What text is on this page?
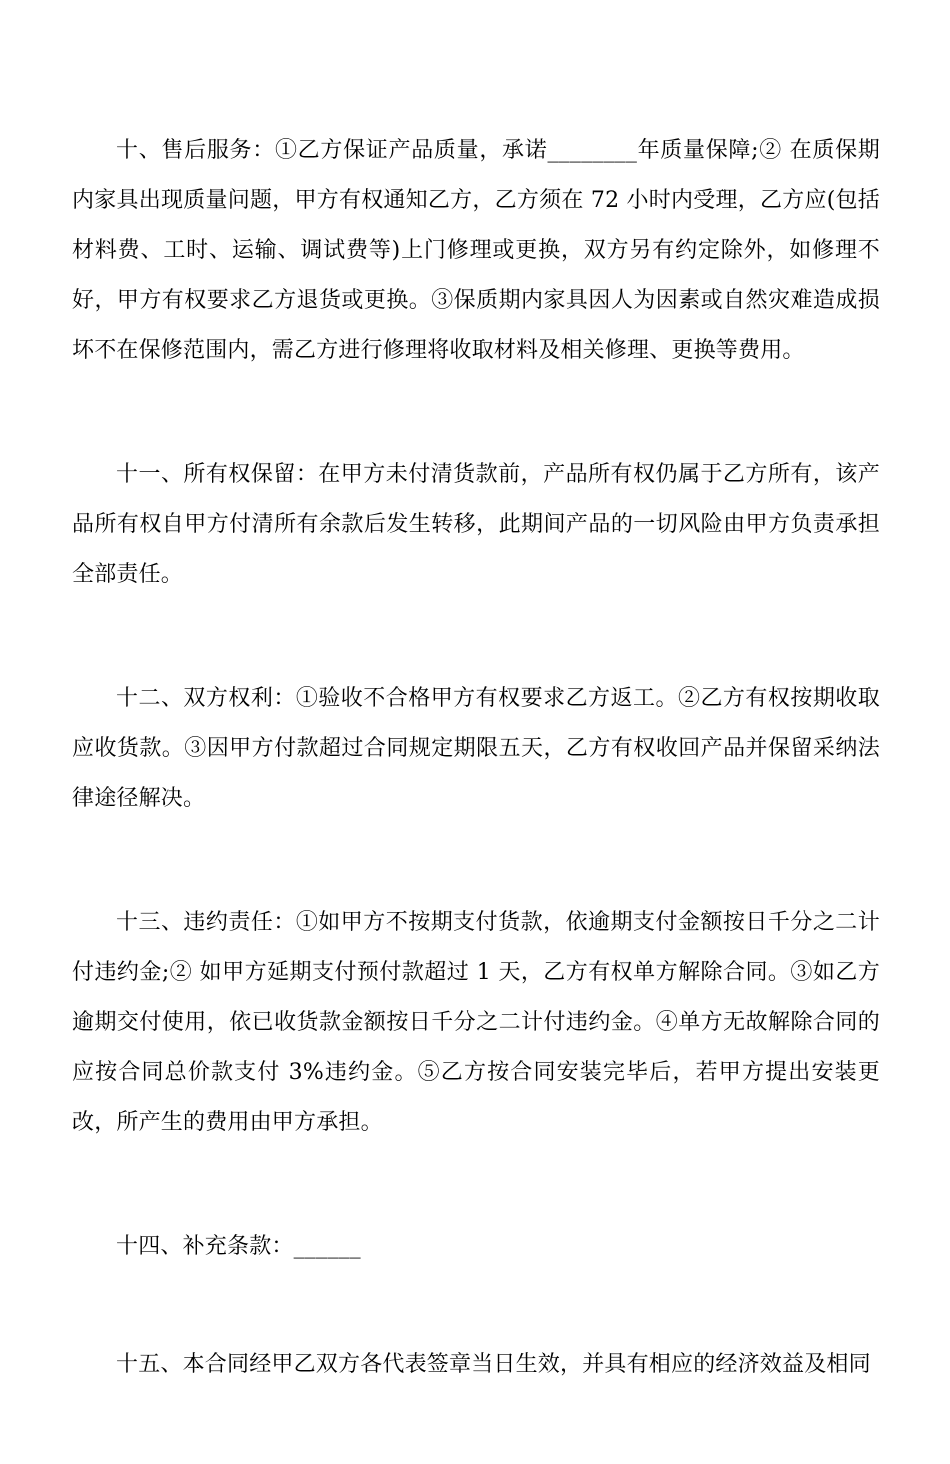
十、售后服务：①乙方保证产品质量，承诺________年质量保障;② 在质保期内家具出现质量问题，甲方有权通知乙方，乙方须在 72 小时内受理，乙方应(包括材料费、工时、运输、调试费等)上门修理或更换，双方另有约定除外，如修理不好，甲方有权要求乙方退货或更换。③保质期内家具因人为因素或自然灾难造成损坏不在保修范围内，需乙方进行修理将收取材料及相关修理、更换等费用。

十一、所有权保留：在甲方未付清货款前，产品所有权仍属于乙方所有，该产品所有权自甲方付清所有余款后发生转移，此期间产品的一切风险由甲方负责承担全部责任。

十二、双方权利：①验收不合格甲方有权要求乙方返工。②乙方有权按期收取应收货款。③因甲方付款超过合同规定期限五天，乙方有权收回产品并保留采纳法律途径解决。

十三、违约责任：①如甲方不按期支付货款，依逾期支付金额按日千分之二计付违约金;② 如甲方延期支付预付款超过 1 天，乙方有权单方解除合同。③如乙方逾期交付使用，依已收货款金额按日千分之二计付违约金。④单方无故解除合同的应按合同总价款支付 3%违约金。⑤乙方按合同安装完毕后，若甲方提出安装更改，所产生的费用由甲方承担。

十四、补充条款：______

十五、本合同经甲乙双方各代表签章当日生效，并具有相应的经济效益及相同
